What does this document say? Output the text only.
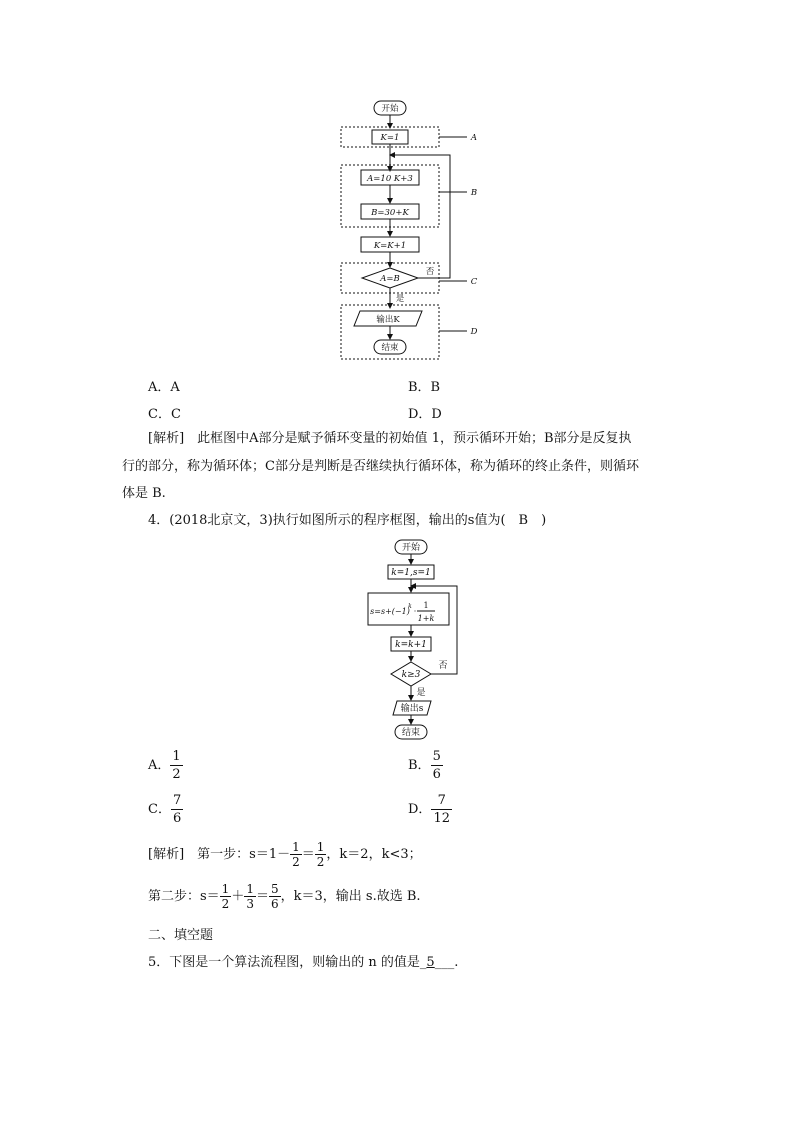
开始
K=1
A=10 K+3
B=30+K
K=K+1
A=B
否
是
输出K
结束
A
B
C
D
A．A	B．B
C．C	D．D
[解析]　 此框图中A部分是赋予循环变量的初始值 1，预示循环开始；B部分是反复执
行的部分，称为循环体；C部分是判断是否继续执行循环体，称为循环的终止条件，则循环
体是 B.
4．(2018北京文，3)执行如图所示的程序框图，输出的s值为(　B　)
开始
k=1,s=1
s=s+(−1)
k
·
1
1+k
k=k+1
k≥3
否
是
输出s
结束
A． $\frac{1}{2}$	B． $\frac{5}{6}$
C． $\frac{7}{6}$	D． $\frac{7}{12}$
[解析]　 第一步：$s=1- \frac{1}{2} = \frac{1}{2}$ ，k＝2，k<3；
第二步：$s= \frac{1}{2} + \frac{1}{3} = \frac{5}{6}$ ，k＝3，输出 s.故选 B.
二、填空题
5．下图是一个算法流程图，则输出的 n 的值是_5___.
